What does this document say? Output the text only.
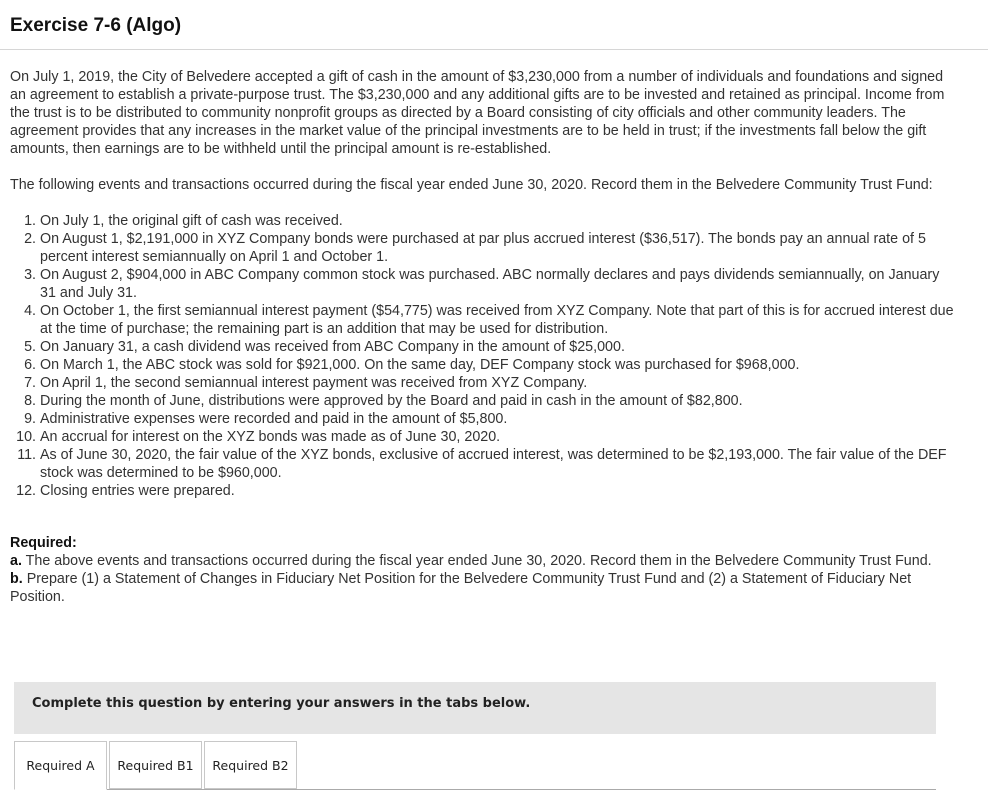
Exercise 7-6 (Algo)

On July 1, 2019, the City of Belvedere accepted a gift of cash in the amount of $3,230,000 from a number of individuals and foundations and signed an agreement to establish a private-purpose trust. The $3,230,000 and any additional gifts are to be invested and retained as principal. Income from the trust is to be distributed to community nonprofit groups as directed by a Board consisting of city officials and other community leaders. The agreement provides that any increases in the market value of the principal investments are to be held in trust; if the investments fall below the gift amounts, then earnings are to be withheld until the principal amount is re-established.

The following events and transactions occurred during the fiscal year ended June 30, 2020. Record them in the Belvedere Community Trust Fund:

1. On July 1, the original gift of cash was received.
2. On August 1, $2,191,000 in XYZ Company bonds were purchased at par plus accrued interest ($36,517). The bonds pay an annual rate of 5 percent interest semiannually on April 1 and October 1.
3. On August 2, $904,000 in ABC Company common stock was purchased. ABC normally declares and pays dividends semiannually, on January 31 and July 31.
4. On October 1, the first semiannual interest payment ($54,775) was received from XYZ Company. Note that part of this is for accrued interest due at the time of purchase; the remaining part is an addition that may be used for distribution.
5. On January 31, a cash dividend was received from ABC Company in the amount of $25,000.
6. On March 1, the ABC stock was sold for $921,000. On the same day, DEF Company stock was purchased for $968,000.
7. On April 1, the second semiannual interest payment was received from XYZ Company.
8. During the month of June, distributions were approved by the Board and paid in cash in the amount of $82,800.
9. Administrative expenses were recorded and paid in the amount of $5,800.
10. An accrual for interest on the XYZ bonds was made as of June 30, 2020.
11. As of June 30, 2020, the fair value of the XYZ bonds, exclusive of accrued interest, was determined to be $2,193,000. The fair value of the DEF stock was determined to be $960,000.
12. Closing entries were prepared.

Required:

a. The above events and transactions occurred during the fiscal year ended June 30, 2020. Record them in the Belvedere Community Trust Fund.

b. Prepare (1) a Statement of Changes in Fiduciary Net Position for the Belvedere Community Trust Fund and (2) a Statement of Fiduciary Net Position.

Complete this question by entering your answers in the tabs below.
Required A	Required B1	Required B2
